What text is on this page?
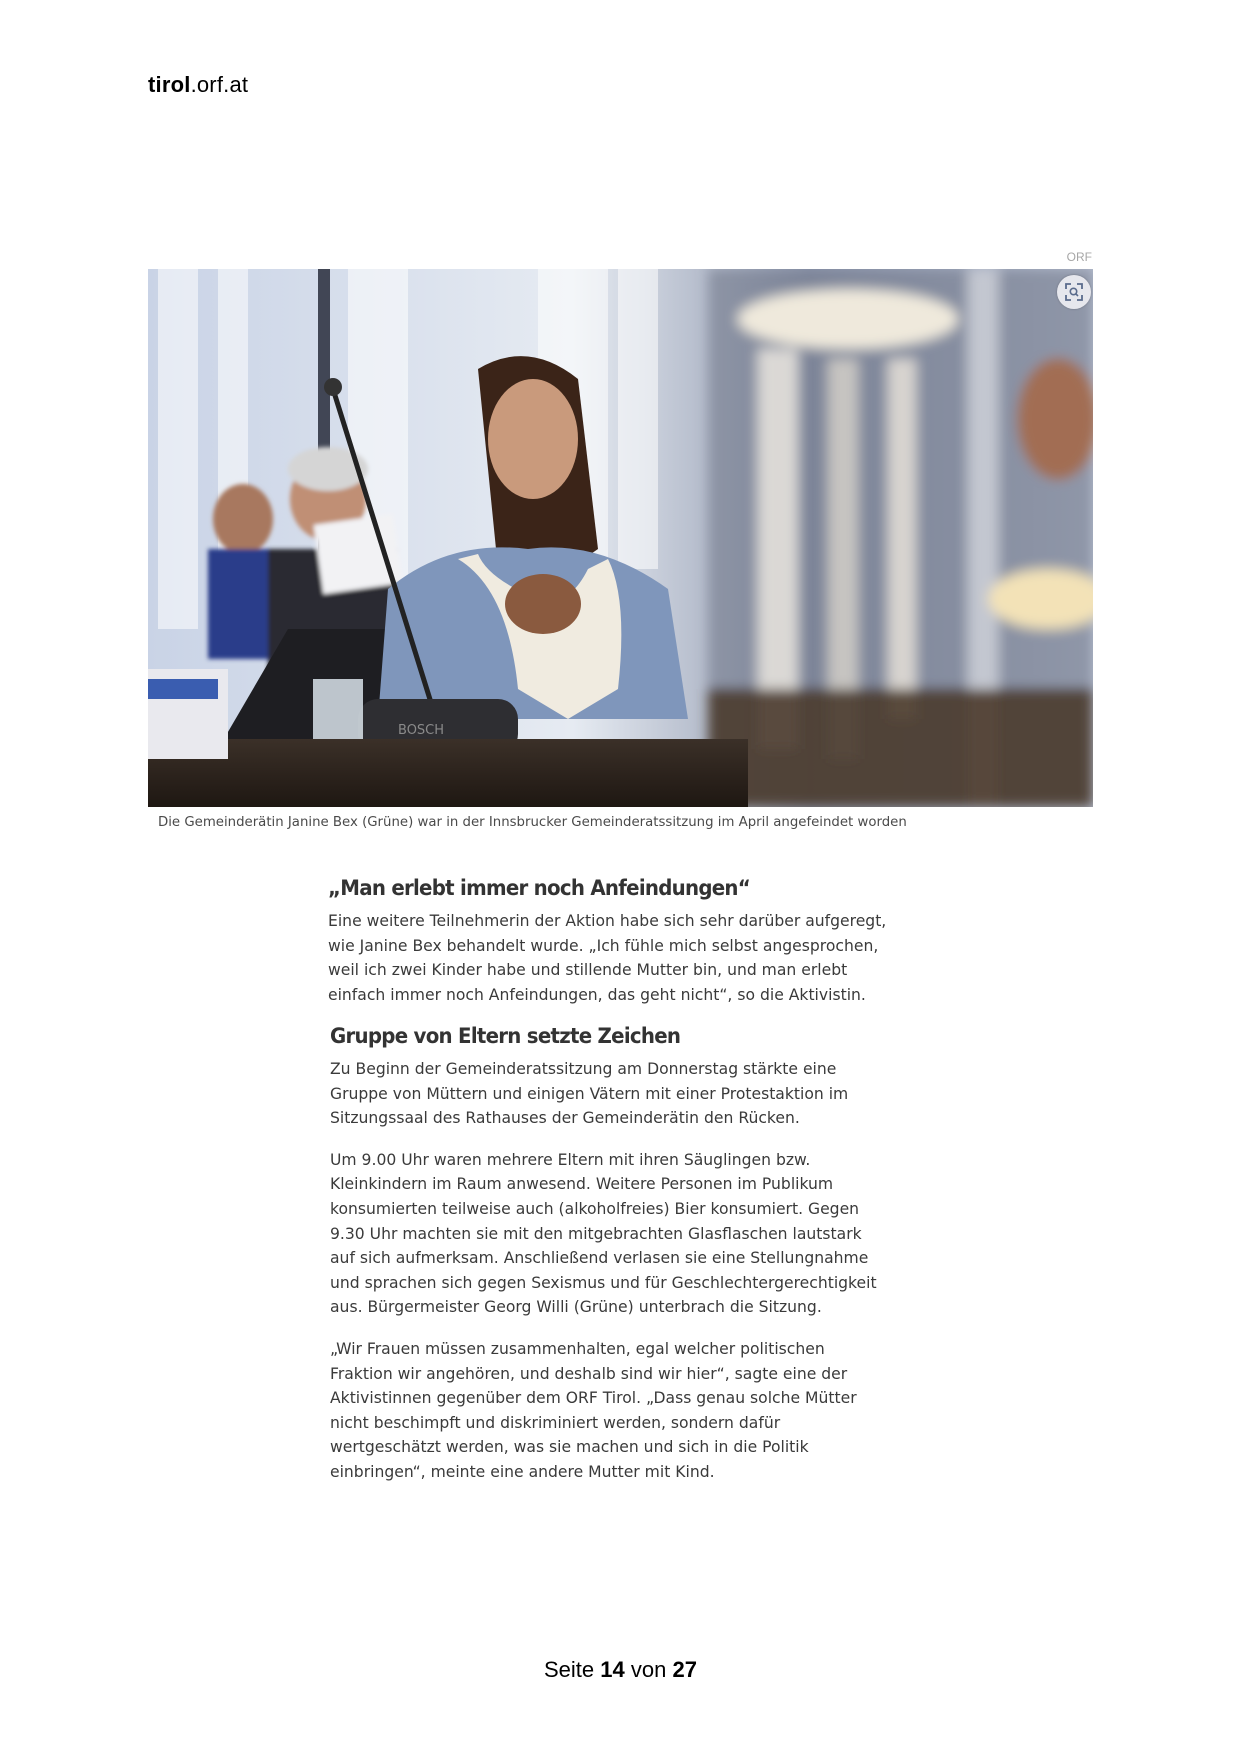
tirol.orf.at
ORF
BOSCH
Die Gemeinderätin Janine Bex (Grüne) war in der Innsbrucker Gemeinderatssitzung im April angefeindet worden
„Man erlebt immer noch Anfeindungen“
Eine weitere Teilnehmerin der Aktion habe sich sehr darüber aufgeregt,
wie Janine Bex behandelt wurde. „Ich fühle mich selbst angesprochen,
weil ich zwei Kinder habe und stillende Mutter bin, und man erlebt
einfach immer noch Anfeindungen, das geht nicht“, so die Aktivistin.
Gruppe von Eltern setzte Zeichen
Zu Beginn der Gemeinderatssitzung am Donnerstag stärkte eine
Gruppe von Müttern und einigen Vätern mit einer Protestaktion im
Sitzungssaal des Rathauses der Gemeinderätin den Rücken.
Um 9.00 Uhr waren mehrere Eltern mit ihren Säuglingen bzw.
Kleinkindern im Raum anwesend. Weitere Personen im Publikum
konsumierten teilweise auch (alkoholfreies) Bier konsumiert. Gegen
9.30 Uhr machten sie mit den mitgebrachten Glasflaschen lautstark
auf sich aufmerksam. Anschließend verlasen sie eine Stellungnahme
und sprachen sich gegen Sexismus und für Geschlechtergerechtigkeit
aus. Bürgermeister Georg Willi (Grüne) unterbrach die Sitzung.
„Wir Frauen müssen zusammenhalten, egal welcher politischen
Fraktion wir angehören, und deshalb sind wir hier“, sagte eine der
Aktivistinnen gegenüber dem ORF Tirol. „Dass genau solche Mütter
nicht beschimpft und diskriminiert werden, sondern dafür
wertgeschätzt werden, was sie machen und sich in die Politik
einbringen“, meinte eine andere Mutter mit Kind.
Seite 14 von 27
